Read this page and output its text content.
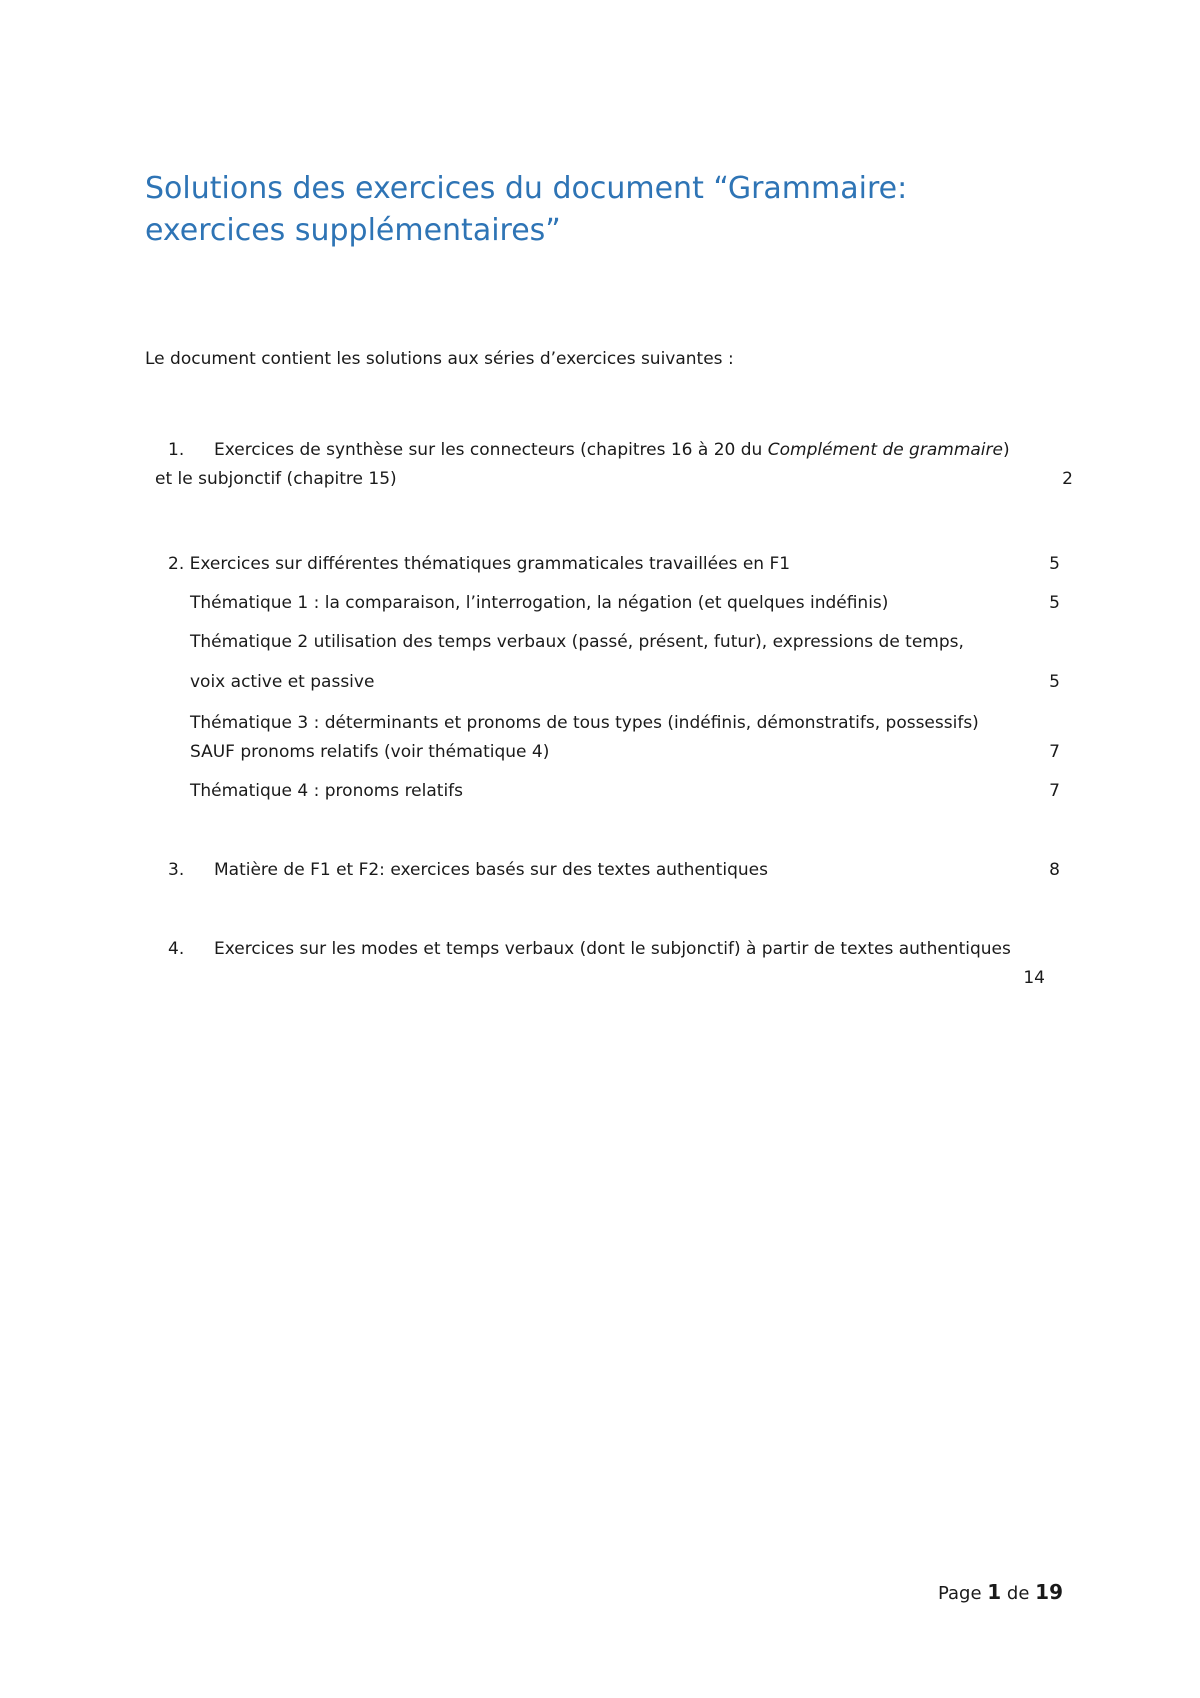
Solutions des exercices du document “Grammaire: exercices supplémentaires”

Le document contient les solutions aux séries d’exercices suivantes :

1. Exercices de synthèse sur les connecteurs (chapitres 16 à 20 du Complément de grammaire)
et le subjonctif (chapitre 15)	2
2. Exercices sur différentes thématiques grammaticales travaillées en F1	5
Thématique 1 : la comparaison, l’interrogation, la négation (et quelques indéfinis)	5
Thématique 2 utilisation des temps verbaux (passé, présent, futur), expressions de temps,
voix active et passive	5
Thématique 3 : déterminants et pronoms de tous types (indéfinis, démonstratifs, possessifs)
SAUF pronoms relatifs (voir thématique 4)	7
Thématique 4 : pronoms relatifs	7
3. Matière de F1 et F2: exercices basés sur des textes authentiques	8
4. Exercices sur les modes et temps verbaux (dont le subjonctif) à partir de textes authentiques
14
Page 1 de 19
